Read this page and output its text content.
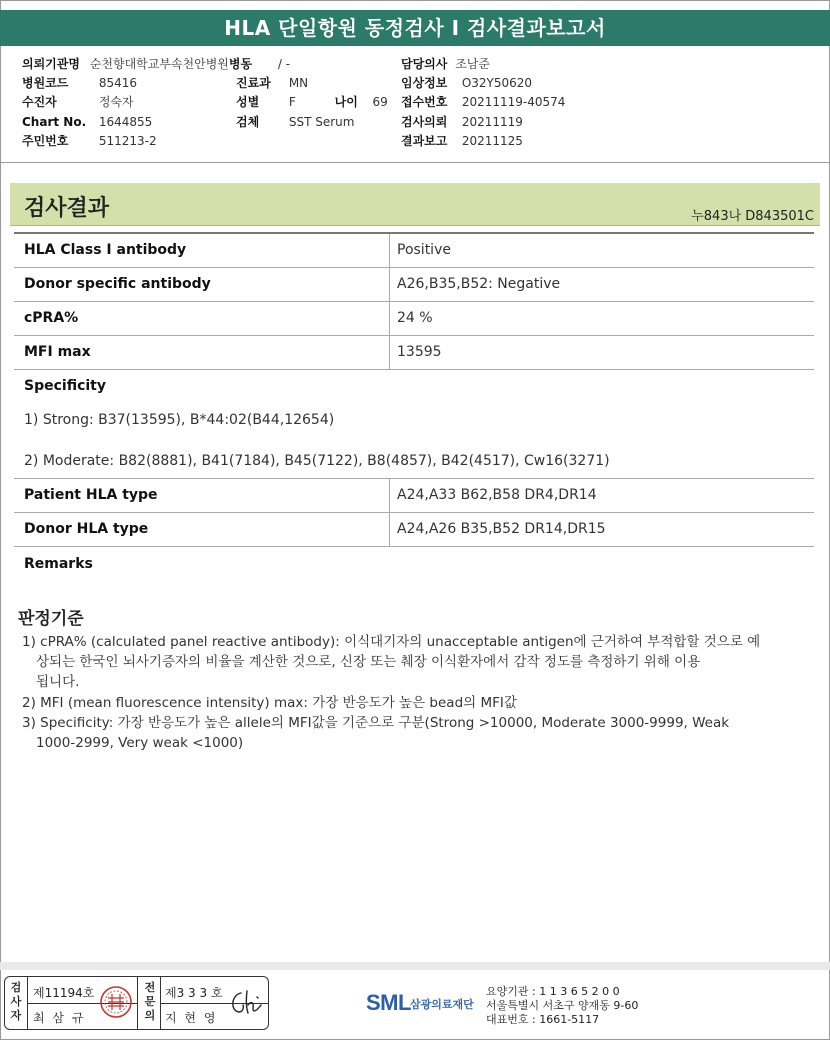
HLA 단일항원 동정검사 I 검사결과보고서
의뢰기관명 순천향대학교부속천안병원병동 / -	담당의사 조남준
병원코드	85416	진료과 MN	임상정보 O32Y50620
수진자	정숙자	성별 F	나이 69 접수번호 20211119-40574
Chart No. 1644855	검체 SST Serum	검사의뢰 20211119
주민번호	511213-2	결과보고 20211125
검사결과	누843나 D843501C
HLA Class Ⅰ antibody	Positive
Donor specific antibody	A26,B35,B52: Negative
cPRA%	24 %
MFI max	13595
Specificity
1) Strong: B37(13595), B*44:02(B44,12654)
2) Moderate: B82(8881), B41(7184), B45(7122), B8(4857), B42(4517), Cw16(3271)
Patient HLA type	A24,A33 B62,B58 DR4,DR14
Donor HLA type	A24,A26 B35,B52 DR14,DR15
Remarks
판정기준
1) cPRA% (calculated panel reactive antibody): 이식대기자의 unacceptable antigen에 근거하여 부적합할 것으로 예
상되는 한국인 뇌사기증자의 비율을 계산한 것으로, 신장 또는 췌장 이식환자에서 감작 정도를 측정하기 위해 이용
됩니다.
2) MFI (mean fluorescence intensity) max: 가장 반응도가 높은 bead의 MFI값
3) Specificity: 가장 반응도가 높은 allele의 MFI값을 기준으로 구분(Strong >10000, Moderate 3000-9999, Weak
1000-2999, Very weak <1000)
검사자
제11194호
최 삼 규
전문의
제3 3 3 호
지 현 영
SML 삼광의료재단
요양기관 : 1 1 3 6 5 2 0 0
서울특별시 서초구 양재동 9-60
대표번호 : 1661-5117
